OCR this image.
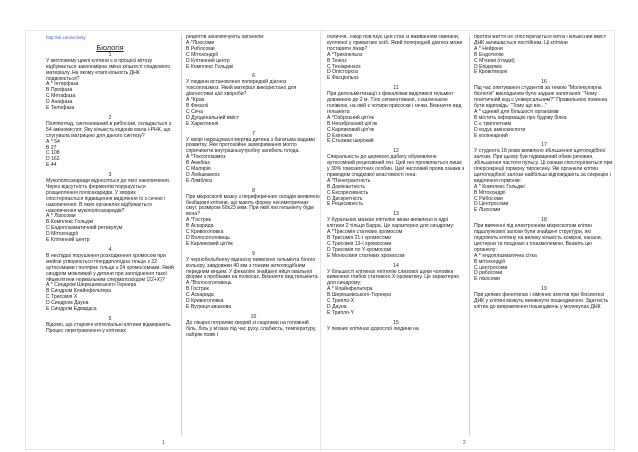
http://vk.com/ectivity
Біологія
1
У житловому циклі клітини є в процесі мітозу відбувається закономірна зміна кількості спадкового матеріалу. На якому етапі кількість ДНК подвоюється?
А * Інтерфаза
В Профаза
С Метафаза
D Анафаза
Е Телофаза
2
Поліпептид, синтезований в рибосомі, складається з 54 амінокислот. Яку кількість кодонів мала і-РНК, що слугувала матрицею для даного синтезу?
А * 54
В 27
С 108
D 162
Е 44
3
Мукополісахариди відносяться до якої накопичення. Через відсутність ферментів порушується розщеплення полісахаридів. У хворих спостерігається підвищення виділення їх з сечею і накопичення. В яких органелах відбувається накопичення мукополісахаридів?
А * Лізосоми
В Комплекс Гольджі
С Ендоплазматичний ретикулум
D Мітохондрії
Е Клітинний центр
4
В неспідах порушення розходження хромосом при мейозі утворюється гіпердиплоїдна тільце з 22 аутосомами і полярне тільце з 24 хромосомами. Який синдром можливий у дитини при запліднення такої яйцеклітини нормальним сперматозоїдом (22+X)?
А * Синдром Шерешевського-Тернера
В Синдром Клайнфельтера
С Трисомія X
D Синдром Дауна
Е Синдром Едвардса
5
Відомо, що старіючі епітеліальні клітини відмирають. Процес перетравлення у клітинах
рецептів забезпечують органели:
А *Лізосоми
В Рибосоми
С Мітохондрії
D Клітинний центр
Е Комплекс Гольджі
6
У людини встановлено попередній діагноз токсоплазмоз. Який матеріал використано для діагностики цієї хвороби?
А *Кров
В Фекалії
С Сеча
D Дуоденальний вміст
Е Харкотиння
7
У хворі нарощувася мертва дитина з багатьма вадами розвитку. Яке протозойне захворювання могло спричинити внутрішньоутробну загибель плода.
А *Токсоплазмоз
В Амебіаз
С Малярія
D Лейшманіоз
Е Лямбліоз
8
При мікроскопії мазку з периферичних складів виявлено безбарвні клітини, що мають форму несиметричних смуг, розміром 60х23 мкм. При якій лікі гельмінту буде вона?
А *Гострик
В Аскарида
С Кривоголовка
D Волосоголовець
Е Карликовий ціп'як
9
У чернобольбнену відносну виявлено гельмінта білого кольору, завдовжки 40 мм з тонким ниткоподібним передним кінцем. У фекаліях знайдені яйця овальної форми з пробками на полюсах. Визначте вид гельмінта.
А *Волосоголовець
В Гострик
С Аскарида
D Кривоголовка
Е Вугриця кишкова
10
До лікарні потрапив хворий зі скаргами на головний біль, біль у м'язах під час руху, слабкість, температуру, набряк повік і
1
обличчя. Лікар пов'язує цей стан із вживанням свинини, купленої у приватних осіб. Який попередній діагноз може поставити лікар?
А *Трихінельоз
В Теніоз
С Теніаринхоз
D Опісторхоз
Е Фасціольоз
11
При дегельмінтизації з фекаліями виділився гельмінт довжиною до 2 м. Тіло сегментоване, з маленькою голівкою, на якій є чотири присоски і гачки. Визначте вид гельмінта
А *Озброєний ціп'як
В Неозброєний ціп'як
С Карликовий ціп'як
D Ехінокок
Е Стьожак широкий
12
Спиральність до церевого дабату обумовлене аутосомний рецесивний ген. Цей ген проявляється лише у 30% гомозиготних особин. Цей числовий прояв ознаки з приводом спадкової властивості гена:
А *Пенетрантність
В Домінантність
С Експресивність
D Дискретність
Е Рецесивність
13
У буральних мазках епітелію жінки виявлено в ядрі клітини 2 тільця Барра. Це характерно для синдрому:
А *Трисомія статевих хромосом
В Трисомія 21-ї хромосоми
С Трисомія 13-ї хромосоми
D Трисомія по Y-хромосомі
Е Моносомія статевих хромосом
14
У більшості клітинах епітелію слизової щоки чоловіка виявлено глибок статевого Х-хроматину. Це характерно для синдрому:
А * Клайнфельтера
В Шерешевського-Тернера
С Трипло-Х
D Дауна
Е Трипло-Y
15
У певних клітинах дорослої людини на
протязі життя не спостерігається мітоз і кількісний вміст ДНК залишається постійним. Ці клітини
А * Нейрони
В Ендотелію
С М'язові (гладкі)
D Епідерміс
Е Кровотворні
16
Під час опитування студентів за темою "Молекулярна біологія" викладачем було задане запитання: "Чому генетичний код є універсальним?" Правильною повинна бути відповідь: "Тому що він..."
А * єдиний для більшості організмів
В містить інформацію про будову білка
С є триплетним
D кодує амінокислоти
Е колінеарний
17
У студента 18 років виявлено збільшення щитоподібної залози. При цьому був підвищений обмін речовин, збільшення частоти пульсу. Ці ознаки спостерігаються при гіперсекреції гормону тироксину. Які органели клітин щитоподібної залози найбільш відповідають за секрецію і виділення гормонів:
А * Комплекс Гольджі
В Мітохондрії
С Рибосоми
D Центросоми
Е Лізосоми
18
При вивченні під електронним мікроскопом клітин підшлункової залози були знайдені структури, які поділяють клітину на велику кількість комірок, канали, цистерни та поєднані з плазмолемою. Вкажіть цю органелу:
А * ендоплазматична сітка
В мітохондрії
С центросоми
D рибосоми
Е лізосоми
19
При деяких фенотипах і хімічних агентів при біосинтезі ДНК у клітині можуть виникнути пошкодження. Здатність клітин до виправлення пошкоджень у молекулах ДНК
2
